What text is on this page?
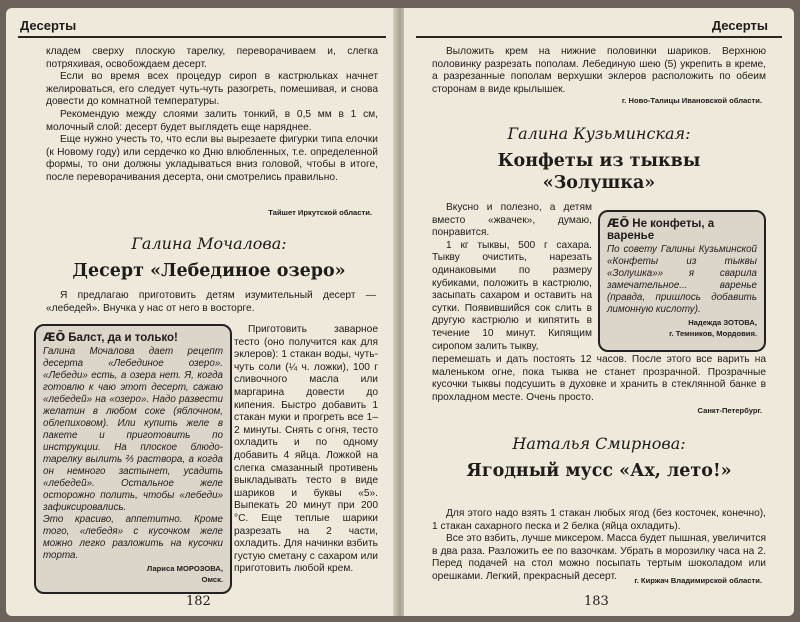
Десерты

кладем сверху плоскую тарелку, переворачиваем и, слегка потряхивая, освобождаем десерт.

Если во время всех процедур сироп в кастрюльках начнет желироваться, его следует чуть-чуть разогреть, помешивая, и снова довести до комнатной температуры.

Рекомендую между слоями залить тонкий, в 0,5 мм в 1 см, молочный слой: десерт будет выглядеть еще наряднее.

Еще нужно учесть то, что если вы вырезаете фигурки типа елочки (к Новому году) или сердечко ко Дню влюбленных, т.е. определенной формы, то они должны укладываться вниз головой, чтобы в итоге, после переворачивания десерта, они смотрелись правильно.

Тайшет Иркутской области.
Галина Мочалова:
Десерт «Лебединое озеро»

Я предлагаю приготовить детям изумительный десерт — «лебедей». Внучка у нас от него в восторге.

ÆÕ Балст, да и только!
Галина Мочалова дает рецепт десерта «Лебединое озеро». «Лебеди» есть, а озера нет. Я, когда готовлю к чаю этот десерт, сажаю «лебедей» на «озеро». Надо развести желатин в любом соке (яблочном, облепиховом). Или купить желе в пакете и приготовить по инструкции. На плоское блюдо-тарелку вылить ⅔ раствора, а когда он немного застынет, усадить «лебедей». Остальное желе осторожно полить, чтобы «лебеди» зафиксировались.
Это красиво, аппетитно. Кроме того, «лебедя» с кусочком желе можно легко разложить на кусочки торта.
Лариса МОРОЗОВА,
Омск.

Приготовить заварное тесто (оно получится как для эклеров): 1 стакан воды, чуть-чуть соли (¼ ч. ложки), 100 г сливочного масла или маргарина довести до кипения. Быстро добавить 1 стакан муки и прогреть все 1–2 минуты. Снять с огня, тесто охладить и по одному добавить 4 яйца. Ложкой на слегка смазанный противень выкладывать тесто в виде шариков и буквы «5». Выпекать 20 минут при 200 °С. Еще теплые шарики разрезать на 2 части, охладить. Для начинки взбить густую сметану с сахаром или приготовить любой крем.

182
Десерты

Выложить крем на нижние половинки шариков. Верхнюю половинку разрезать пополам. Лебединую шею (5) укрепить в креме, а разрезанные пополам верхушки эклеров расположить по обеим сторонам в виде крылышек.

г. Ново-Талицы Ивановской области.
Галина Кузьминская:
Конфеты из тыквы «Золушка»

Вкусно и полезно, а детям вместо «жвачек», думаю, понравится.

1 кг тыквы, 500 г сахара. Тыкву очистить, нарезать одинаковыми по размеру кубиками, положить в кастрюлю, засыпать сахаром и оставить на сутки. Появившийся сок слить в другую кастрюлю и кипятить в течение 10 минут. Кипящим сиропом залить тыкву,

ÆÕ Не конфеты, а варенье
По совету Галины Кузьминской «Конфеты из тыквы «Золушка»» я сварила замечательное... варенье (правда, пришлось добавить лимонную кислоту).
Надежда ЗОТОВА,
г. Темников, Мордовия.

перемешать и дать постоять 12 часов. После этого все варить на маленьком огне, пока тыква не станет прозрачной. Прозрачные кусочки тыквы подсушить в духовке и хранить в стеклянной банке в прохладном месте. Очень просто.

Санкт-Петербург.
Наталья Смирнова:
Ягодный мусс «Ах, лето!»

Для этого надо взять 1 стакан любых ягод (без косточек, конечно), 1 стакан сахарного песка и 2 белка (яйца охладить).

Все это взбить, лучше миксером. Масса будет пышная, увеличится в два раза. Разложить ее по вазочкам. Убрать в морозилку часа на 2. Перед подачей на стол можно посыпать тертым шоколадом или орешками. Легкий, прекрасный десерт.	г. Киржач Владимирской области.
183
